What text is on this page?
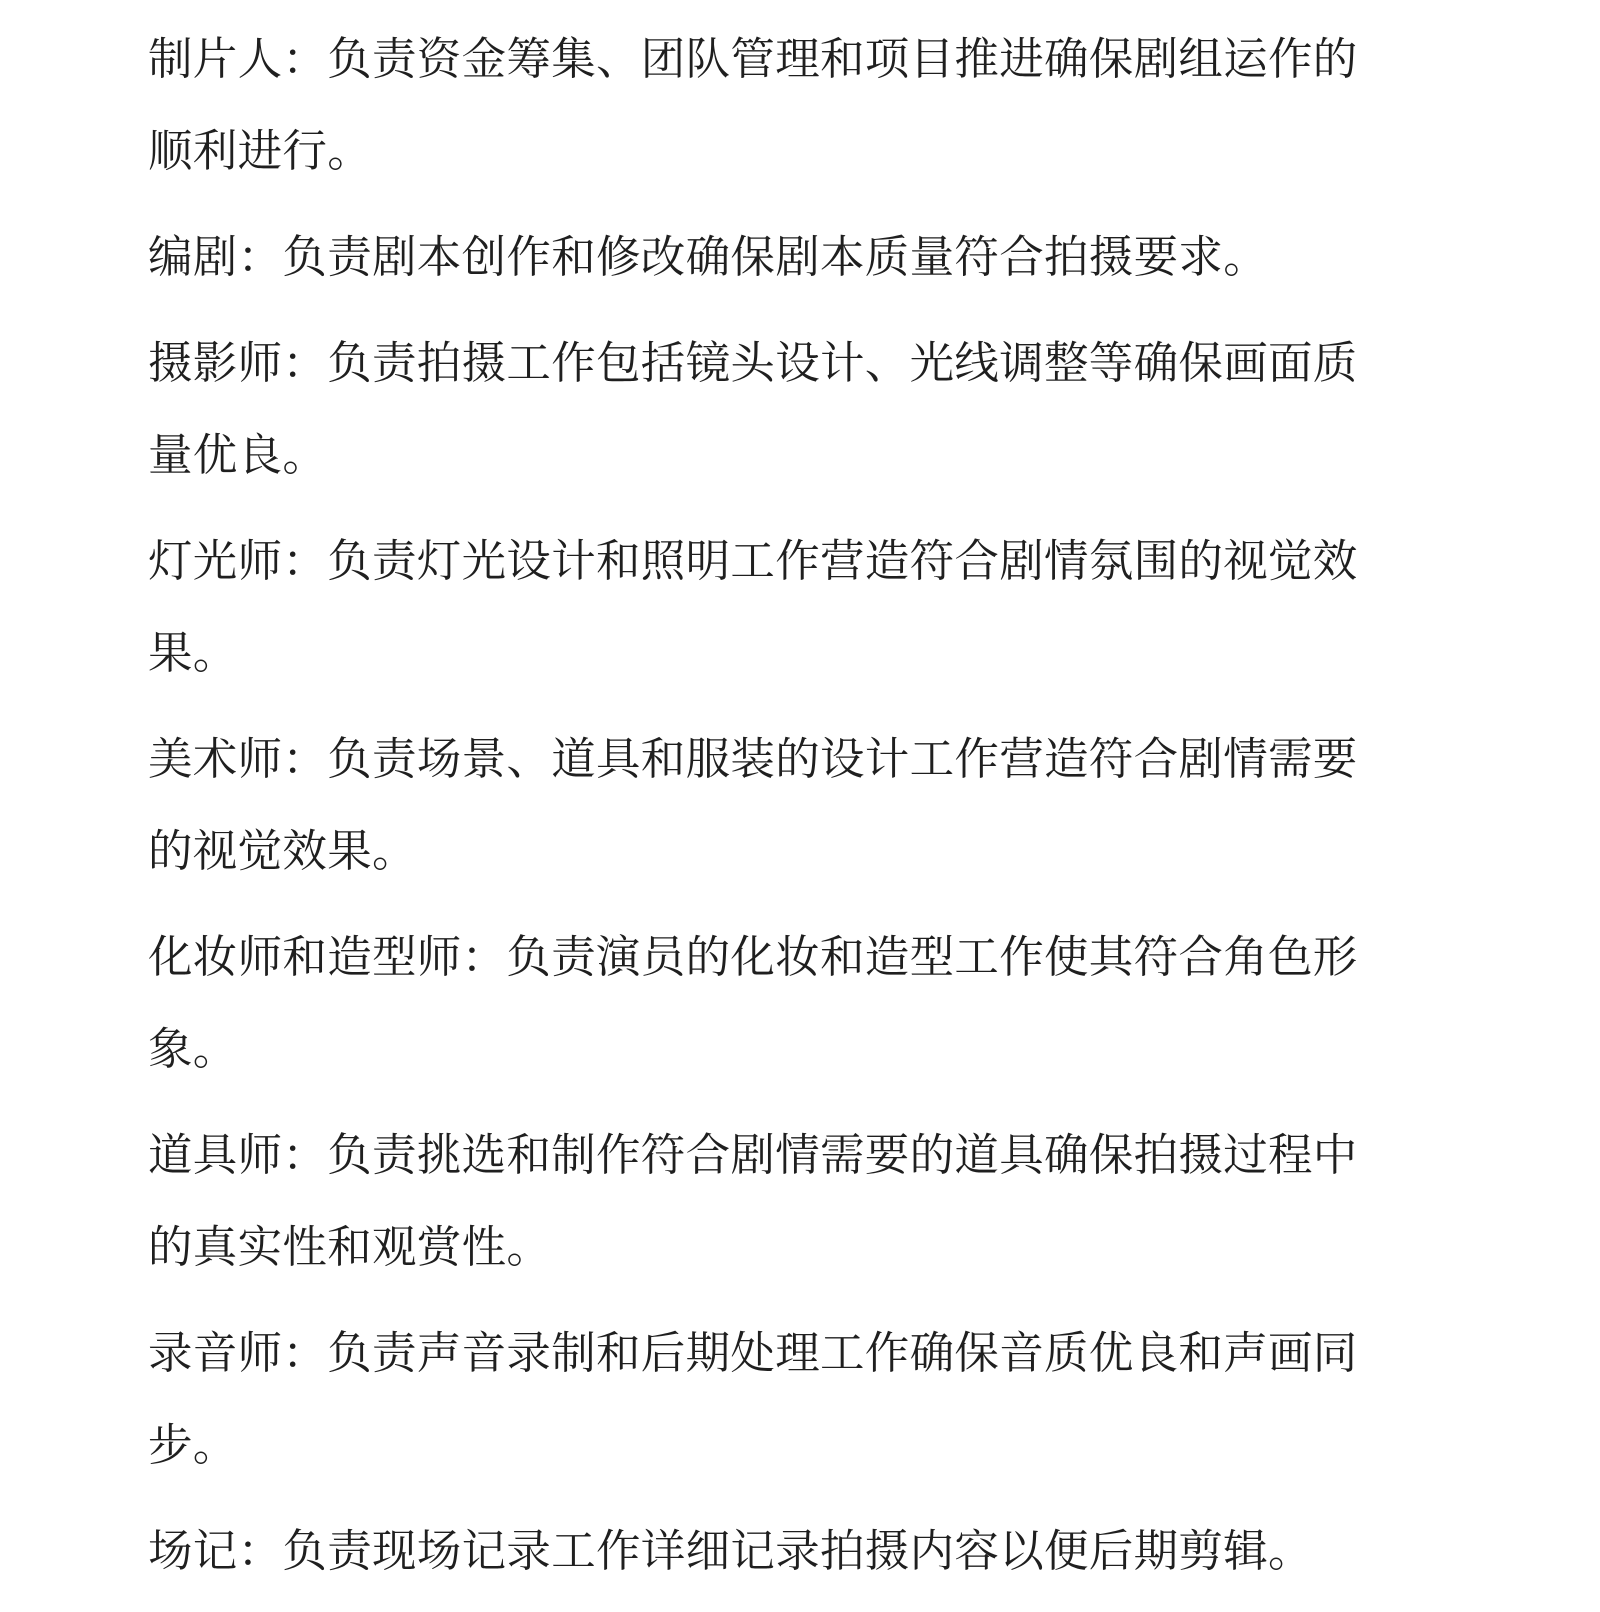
制片人：负责资金筹集、团队管理和项目推进确保剧组运作的顺利进行。

编剧：负责剧本创作和修改确保剧本质量符合拍摄要求。

摄影师：负责拍摄工作包括镜头设计、光线调整等确保画面质量优良。

灯光师：负责灯光设计和照明工作营造符合剧情氛围的视觉效果。

美术师：负责场景、道具和服装的设计工作营造符合剧情需要的视觉效果。

化妆师和造型师：负责演员的化妆和造型工作使其符合角色形象。

道具师：负责挑选和制作符合剧情需要的道具确保拍摄过程中的真实性和观赏性。

录音师：负责声音录制和后期处理工作确保音质优良和声画同步。

场记：负责现场记录工作详细记录拍摄内容以便后期剪辑。
